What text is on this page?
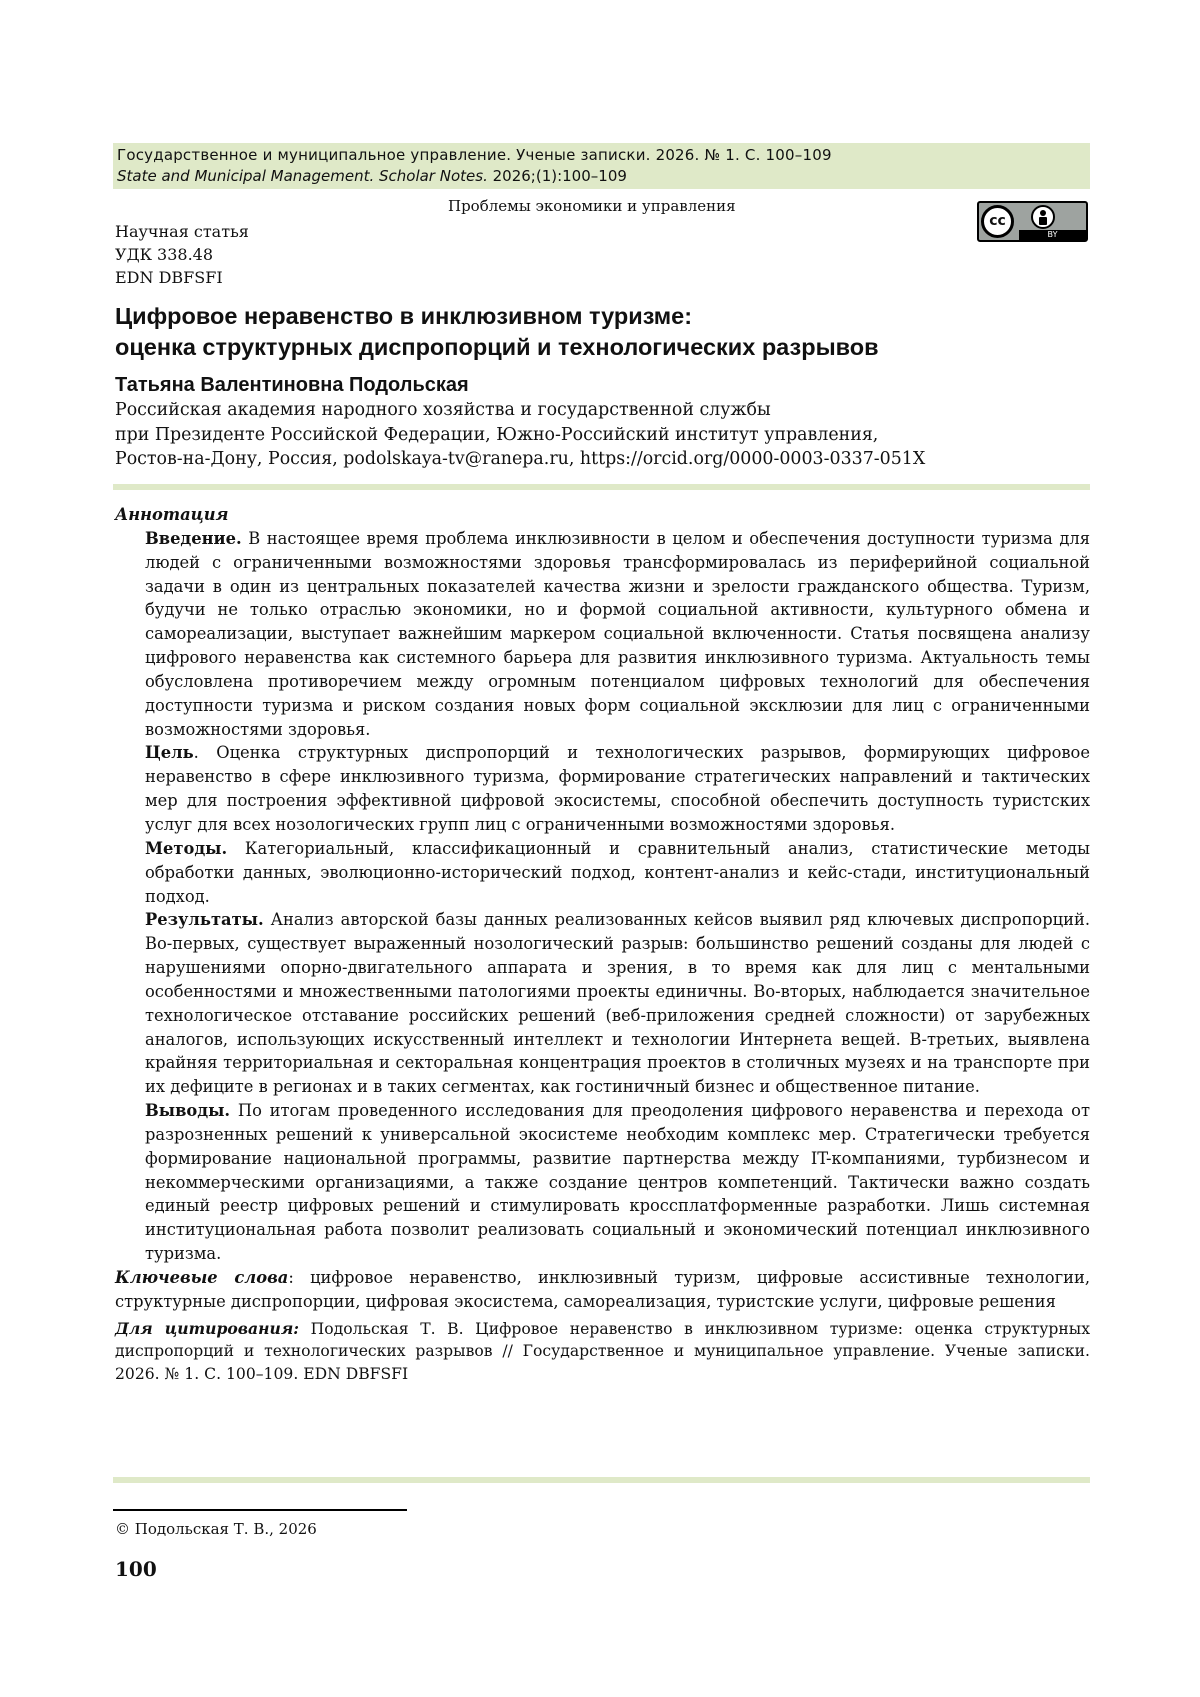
Государственное и муниципальное управление. Ученые записки. 2026. № 1. С. 100–109
State and Municipal Management. Scholar Notes. 2026;(1):100–109
Проблемы экономики и управления
Научная статья
УДК 338.48
EDN DBFSFI
cc
BY
Цифровое неравенство в инклюзивном туризме:
оценка структурных диспропорций и технологических разрывов
Татьяна Валентиновна Подольская
Российская академия народного хозяйства и государственной службы
при Президенте Российской Федерации, Южно-Российский институт управления,
Ростов-на-Дону, Россия, podolskaya-tv@ranepa.ru, https://orcid.org/0000-0003-0337-051X
Аннотация
Введение. В настоящее время проблема инклюзивности в целом и обеспечения доступности туризма для людей с ограниченными возможностями здоровья трансформировалась из периферийной социальной задачи в один из центральных показателей качества жизни и зрелости гражданского общества. Туризм, будучи не только отраслью экономики, но и формой социальной активности, культурного обмена и самореализации, выступает важнейшим маркером социальной включенности. Статья посвящена анализу цифрового неравенства как системного барьера для развития инклюзивного туризма. Актуальность темы обусловлена противоречием между огромным потенциалом цифровых технологий для обеспечения доступности туризма и риском создания новых форм социальной эксклюзии для лиц с ограниченными возможностями здоровья.
Цель. Оценка структурных диспропорций и технологических разрывов, формирующих цифровое неравенство в сфере инклюзивного туризма, формирование стратегических направлений и тактических мер для построения эффективной цифровой экосистемы, способной обеспечить доступность туристских услуг для всех нозологических групп лиц с ограниченными возможностями здоровья.
Методы. Категориальный, классификационный и сравнительный анализ, статистические методы обработки данных, эволюционно-исторический подход, контент-анализ и кейс-стади, институциональный подход.
Результаты. Анализ авторской базы данных реализованных кейсов выявил ряд ключевых диспропорций. Во-первых, существует выраженный нозологический разрыв: большинство решений созданы для людей с нарушениями опорно-двигательного аппарата и зрения, в то время как для лиц с ментальными особенностями и множественными патологиями проекты единичны. Во-вторых, наблюдается значительное технологическое отставание российских решений (веб-приложения средней сложности) от зарубежных аналогов, использующих искусственный интеллект и технологии Интернета вещей. В-третьих, выявлена крайняя территориальная и секторальная концентрация проектов в столичных музеях и на транспорте при их дефиците в регионах и в таких сегментах, как гостиничный бизнес и общественное питание.
Выводы. По итогам проведенного исследования для преодоления цифрового неравенства и перехода от разрозненных решений к универсальной экосистеме необходим комплекс мер. Стратегически требуется формирование национальной программы, развитие партнерства между IT-компаниями, турбизнесом и некоммерческими организациями, а также создание центров компетенций. Тактически важно создать единый реестр цифровых решений и стимулировать кроссплатформенные разработки. Лишь системная институциональная работа позволит реализовать социальный и экономический потенциал инклюзивного туризма.
Ключевые слова: цифровое неравенство, инклюзивный туризм, цифровые ассистивные технологии, структурные диспропорции, цифровая экосистема, самореализация, туристские услуги, цифровые решения
Для цитирования: Подольская Т. В. Цифровое неравенство в инклюзивном туризме: оценка структурных диспропорций и технологических разрывов // Государственное и муниципальное управление. Ученые записки. 2026. № 1. С. 100–109. EDN DBFSFI
© Подольская Т. В., 2026
100
